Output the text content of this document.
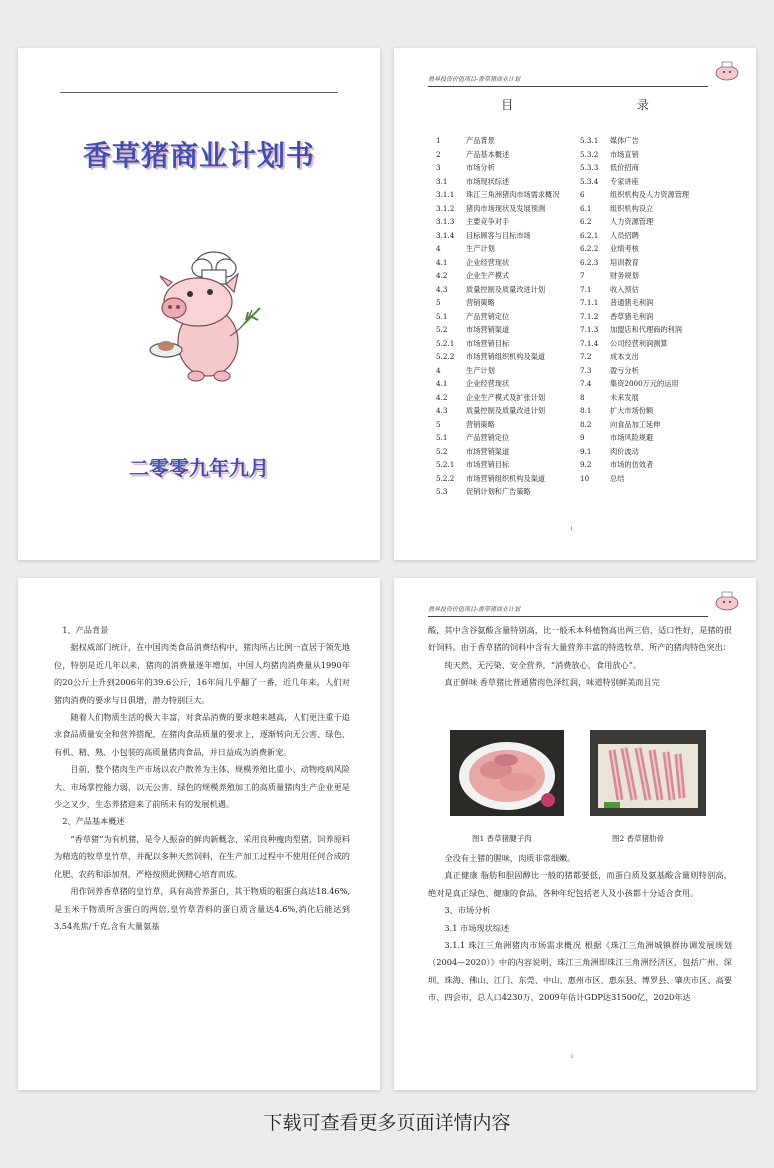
香草猪商业计划书
二零零九年九月
晨昇投资价值项目-香草猪商业计划
目 录
1	产品背景
2	产品基本概述
3	市场分析
3.1	市场现状综述
3.1.1	珠江三角洲猪肉市场需求概况
3.1.2	猪肉市场现状及发展预测
3.1.3	主要竞争对手
3.1.4	目标顾客与目标市场
4	生产计划
4.1	企业经营现状
4.2	企业生产模式
4.3	质量控制及质量改进计划
5	营销策略
5.1	产品营销定位
5.2	市场营销渠道
5.2.1	市场营销目标
5.2.2	市场营销组织机构及渠道
4	生产计划
4.1	企业经营现状
4.2	企业生产模式及扩张计划
4.3	质量控制及质量改进计划
5	营销策略
5.1	产品营销定位
5.2	市场营销渠道
5.2.1	市场营销目标
5.2.2	市场营销组织机构及渠道
5.3	促销计划和广告策略
5.3.1	媒体广告
5.3.2	市场直销
5.3.3	低价招商
5.3.4	专家讲座
6	组织机构及人力资源管理
6.1	组织机构设立
6.2	人力资源管理
6.2.1	人员招聘
6.2.2	业绩考核
6.2.3	培训教育
7	财务规划
7.1	收入预估
7.1.1	普通猪毛利润
7.1.2	香草猪毛利润
7.1.3	加盟店和代理商的利润
7.1.4	公司经营利润测算
7.2	成本支出
7.3	盈亏分析
7.4	集资2000万元的运用
8	未来发展
8.1	扩大市场份额
8.2	向食品加工延伸
9	市场风险规避
9.1	肉价波动
9.2	市场的仿效者
10	总结
1

1、产品背景

据权威部门统计，在中国肉类食品消费结构中，猪肉所占比例一直居于领先地位，特别是近几年以来，猪肉的消费量逐年增加，中国人均猪肉消费量从1990年的20公斤上升到2006年的39.6公斤，16年间几乎翻了一番，近几年来，人们对猪肉消费的要求与日俱增，潜力特别巨大。

随着人们物质生活的极大丰富，对食品消费的要求越来越高，人们更注重于追求食品质量安全和营养搭配，在猪肉食品质量的要求上，逐渐转向无公害、绿色、有机、精、熟、小包装的高质量猪肉食品，并日益成为消费新宠。

目前，整个猪肉生产市场以农户散养为主体、规模养殖比重小、动物疫病风险大、市场掌控能力弱，以无公害、绿色的规模养殖加工的高质量猪肉生产企业更是少之又少，生态养猪迎来了前所未有的发展机遇。

2、产品基本概述

“香草猪”为有机猪，是令人振奋的鲜肉新概念，采用良种瘦肉型猪，饲养原料为精选的牧草皇竹草，并配以多种天然饲料，在生产加工过程中不使用任何合成的化肥、农药和添加剂，严格按照此例精心培育而成。

用作饲养香草猪的皇竹草，具有高营养蛋白，其干物质的粗蛋白高达18.46%,是玉米干物质所含蛋白的两倍,皇竹草青料的蛋白质含量达4.6%,消化后能达到3.54兆焦/千克,含有大量氨基

晨昇投资价值项目-香草猪商业计划

酸，其中含谷氨酸含量特别高，比一般禾本科植物高出两三倍，适口性好，是猪的很好饲料。由于香草猪的饲料中含有大量营养丰富的特选牧草，所产的猪肉特色突出：

纯天然、无污染、安全营养，“消费放心，食用放心”。

真正鲜味 香草猪比普通猪肉色泽红润，味道特别鲜美而且完

图1 香草猪腱子肉	图2 香草猪肋骨

全没有土猪的腥味，肉质非常细嫩。

真正健康 脂肪和胆固醇比一般的猪都要低，而蛋白质及氨基酸含量则特别高，绝对是真正绿色、健康的食品，各种年纪包括老人及小孩都十分适合食用。

3、市场分析

3.1 市场现状综述

3.1.1 珠江三角洲猪肉市场需求概况 根据《珠江三角洲城镇群协调发展规划（2004—2020）》中的内容说明，珠江三角洲即珠江三角洲经济区，包括广州、深圳、珠海、佛山、江门、东莞、中山、惠州市区、惠东县、博罗县、肇庆市区、高要市、四会市，总人口4230万，2009年估计GDP达31500亿，2020年达

3
下载可查看更多页面详情内容
